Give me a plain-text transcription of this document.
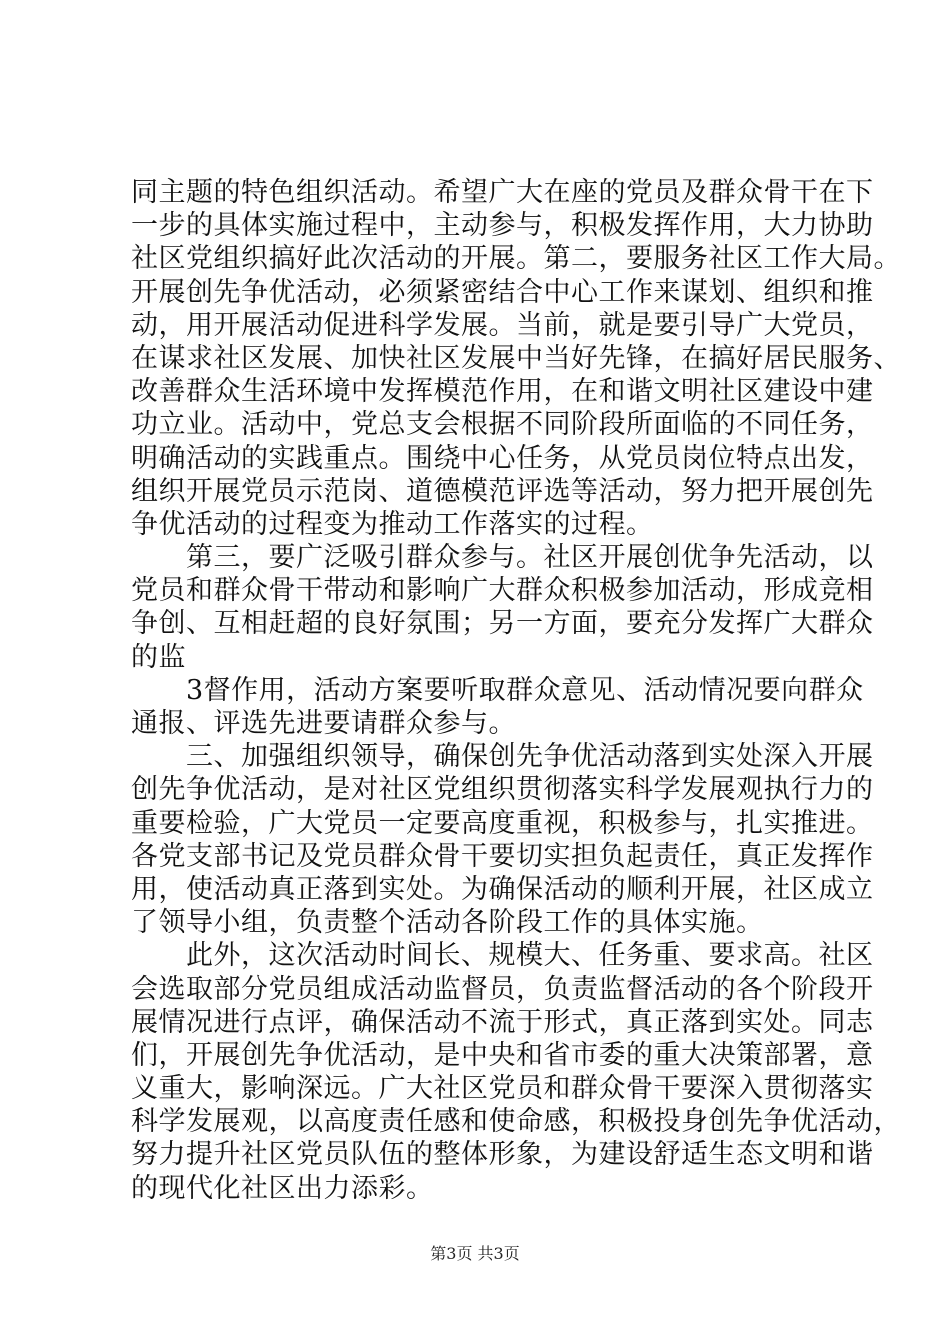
同主题的特色组织活动。希望广大在座的党员及群众骨干在下
一步的具体实施过程中，主动参与，积极发挥作用，大力协助
社区党组织搞好此次活动的开展。第二，要服务社区工作大局。
开展创先争优活动，必须紧密结合中心工作来谋划、组织和推
动，用开展活动促进科学发展。当前，就是要引导广大党员，
在谋求社区发展、加快社区发展中当好先锋，在搞好居民服务、
改善群众生活环境中发挥模范作用，在和谐文明社区建设中建
功立业。活动中，党总支会根据不同阶段所面临的不同任务，
明确活动的实践重点。围绕中心任务，从党员岗位特点出发，
组织开展党员示范岗、道德模范评选等活动，努力把开展创先
争优活动的过程变为推动工作落实的过程。
　　第三，要广泛吸引群众参与。社区开展创优争先活动，以
党员和群众骨干带动和影响广大群众积极参加活动，形成竞相
争创、互相赶超的良好氛围；另一方面，要充分发挥广大群众
的监
　　3督作用，活动方案要听取群众意见、活动情况要向群众
通报、评选先进要请群众参与。
　　三、加强组织领导，确保创先争优活动落到实处深入开展
创先争优活动，是对社区党组织贯彻落实科学发展观执行力的
重要检验，广大党员一定要高度重视，积极参与，扎实推进。
各党支部书记及党员群众骨干要切实担负起责任，真正发挥作
用，使活动真正落到实处。为确保活动的顺利开展，社区成立
了领导小组，负责整个活动各阶段工作的具体实施。
　　此外，这次活动时间长、规模大、任务重、要求高。社区
会选取部分党员组成活动监督员，负责监督活动的各个阶段开
展情况进行点评，确保活动不流于形式，真正落到实处。同志
们，开展创先争优活动，是中央和省市委的重大决策部署，意
义重大，影响深远。广大社区党员和群众骨干要深入贯彻落实
科学发展观，以高度责任感和使命感，积极投身创先争优活动，
努力提升社区党员队伍的整体形象，为建设舒适生态文明和谐
的现代化社区出力添彩。
第3页 共3页
